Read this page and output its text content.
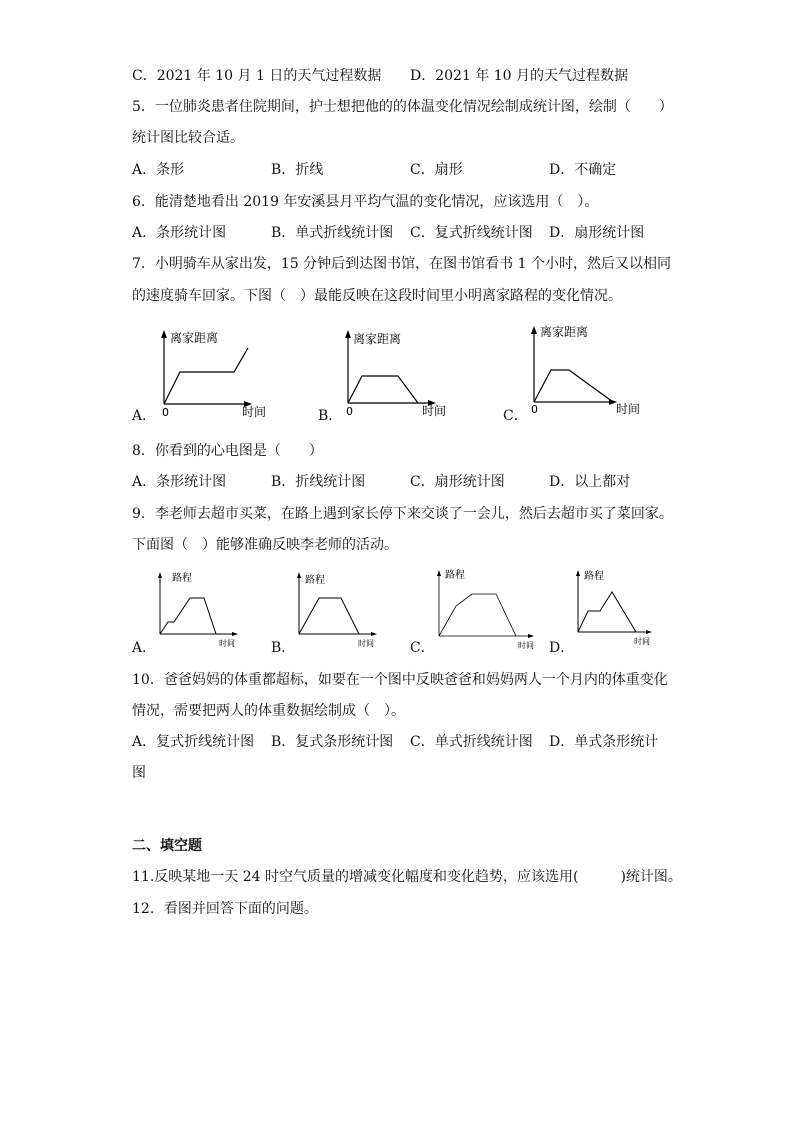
C．2021 年 10 月 1 日的天气过程数据 D．2021 年 10 月的天气过程数据
5．一位肺炎患者住院期间，护士想把他的的体温变化情况绘制成统计图，绘制（　　）
统计图比较合适。
A．条形	B．折线	C．扇形	D．不确定
6．能清楚地看出 2019 年安溪县月平均气温的变化情况，应该选用（　）。
A．条形统计图	B．单式折线统计图 C．复式折线统计图 D．扇形统计图
7．小明骑车从家出发，15 分钟后到达图书馆，在图书馆看书 1 个小时，然后又以相同
的速度骑车回家。下图（　）最能反映在这段时间里小明离家路程的变化情况。
A．
离家距离
0	时间	B．
离家距离
0	时间	C．
离家距离
0	时间
8．你看到的心电图是（　　）
A．条形统计图	B．折线统计图	C．扇形统计图	D．以上都对
9．李老师去超市买菜，在路上遇到家长停下来交谈了一会儿，然后去超市买了菜回家。
下面图（　）能够准确反映李老师的活动。
A．
路程
时间	B．
路程
时间	C．
路程
时间 D．
路程
时间
10．爸爸妈妈的体重都超标，如要在一个图中反映爸爸和妈妈两人一个月内的体重变化
情况，需要把两人的体重数据绘制成（　）。
A．复式折线统计图 B．复式条形统计图 C．单式折线统计图 D．单式条形统计
图
二、填空题
11.反映某地一天 24 时空气质量的增减变化幅度和变化趋势，应该选用(　　　)统计图。
12．看图并回答下面的问题。
